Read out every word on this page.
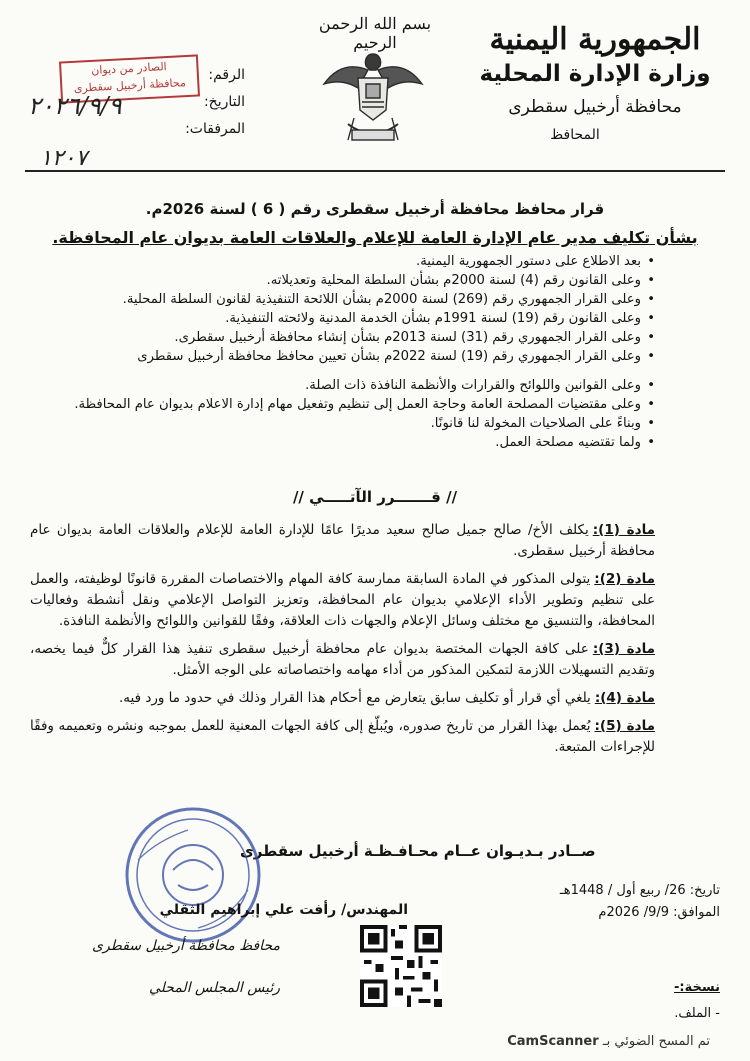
الجمهورية اليمنية
وزارة الإدارة المحلية
محافظة أرخبيل سقطرى
المحافظ
بسم الله الرحمن الرحيم
الرقم:
التاريخ:
المرفقات:
الصادر من ديوان
محافظة أرخبيل سقطرى
٢٠٢٦/٩/٩
١٢٠٧
قرار محافظ محافظة أرخبيل سقطرى رقم ( 6 ) لسنة 2026م.
بشأن تكليف مدير عام الإدارة العامة للإعلام والعلاقات العامة بديوان عام المحافظة.
• بعد الاطلاع على دستور الجمهورية اليمنية.
• وعلى القانون رقم (4) لسنة 2000م بشأن السلطة المحلية وتعديلاته.
• وعلى القرار الجمهوري رقم (269) لسنة 2000م بشأن اللائحة التنفيذية لقانون السلطة المحلية.
• وعلى القانون رقم (19) لسنة 1991م بشأن الخدمة المدنية ولائحته التنفيذية.
• وعلى القرار الجمهوري رقم (31) لسنة 2013م بشأن إنشاء محافظة أرخبيل سقطرى.
• وعلى القرار الجمهوري رقم (19) لسنة 2022م بشأن تعيين محافظ محافظة أرخبيل سقطرى
• وعلى القوانين واللوائح والقرارات والأنظمة النافذة ذات الصلة.
• وعلى مقتضيات المصلحة العامة وحاجة العمل إلى تنظيم وتفعيل مهام إدارة الاعلام بديوان عام المحافظة.
• وبناءً على الصلاحيات المخولة لنا قانونًا.
• ولما تقتضيه مصلحة العمل.
// قـــــــرر الآتـــــي //
مادة (1):يكلف الأخ/ صالح جميل صالح سعيد مديرًا عامًا للإدارة العامة للإعلام والعلاقات العامة بديوان عام محافظة أرخبيل سقطرى.
مادة (2):يتولى المذكور في المادة السابقة ممارسة كافة المهام والاختصاصات المقررة قانونًا لوظيفته، والعمل على تنظيم وتطوير الأداء الإعلامي بديوان عام المحافظة، وتعزيز التواصل الإعلامي ونقل أنشطة وفعاليات المحافظة، والتنسيق مع مختلف وسائل الإعلام والجهات ذات العلاقة، وفقًا للقوانين واللوائح والأنظمة النافذة.
مادة (3):على كافة الجهات المختصة بديوان عام محافظة أرخبيل سقطرى تنفيذ هذا القرار كلٌّ فيما يخصه، وتقديم التسهيلات اللازمة لتمكين المذكور من أداء مهامه واختصاصاته على الوجه الأمثل.
مادة (4):يلغي أي قرار أو تكليف سابق يتعارض مع أحكام هذا القرار وذلك في حدود ما ورد فيه.
مادة (5):يُعمل بهذا القرار من تاريخ صدوره، ويُبلّغ إلى كافة الجهات المعنية للعمل بموجبه ونشره وتعميمه وفقًا للإجراءات المتبعة.
صــادر بـديـوان عــام محـافـظـة أرخبيل سقطرى
تاريخ: 26/ ربيع أول / 1448هـ
الموافق: 9/9/ 2026م
المهندس/ رأفت علي إبراهيم الثقلي
محافظ محافظة أرخبيل سقطرى
رئيس المجلس المحلي	نسخة:-
- الملف.
تم المسح الضوئي بـ CamScanner
